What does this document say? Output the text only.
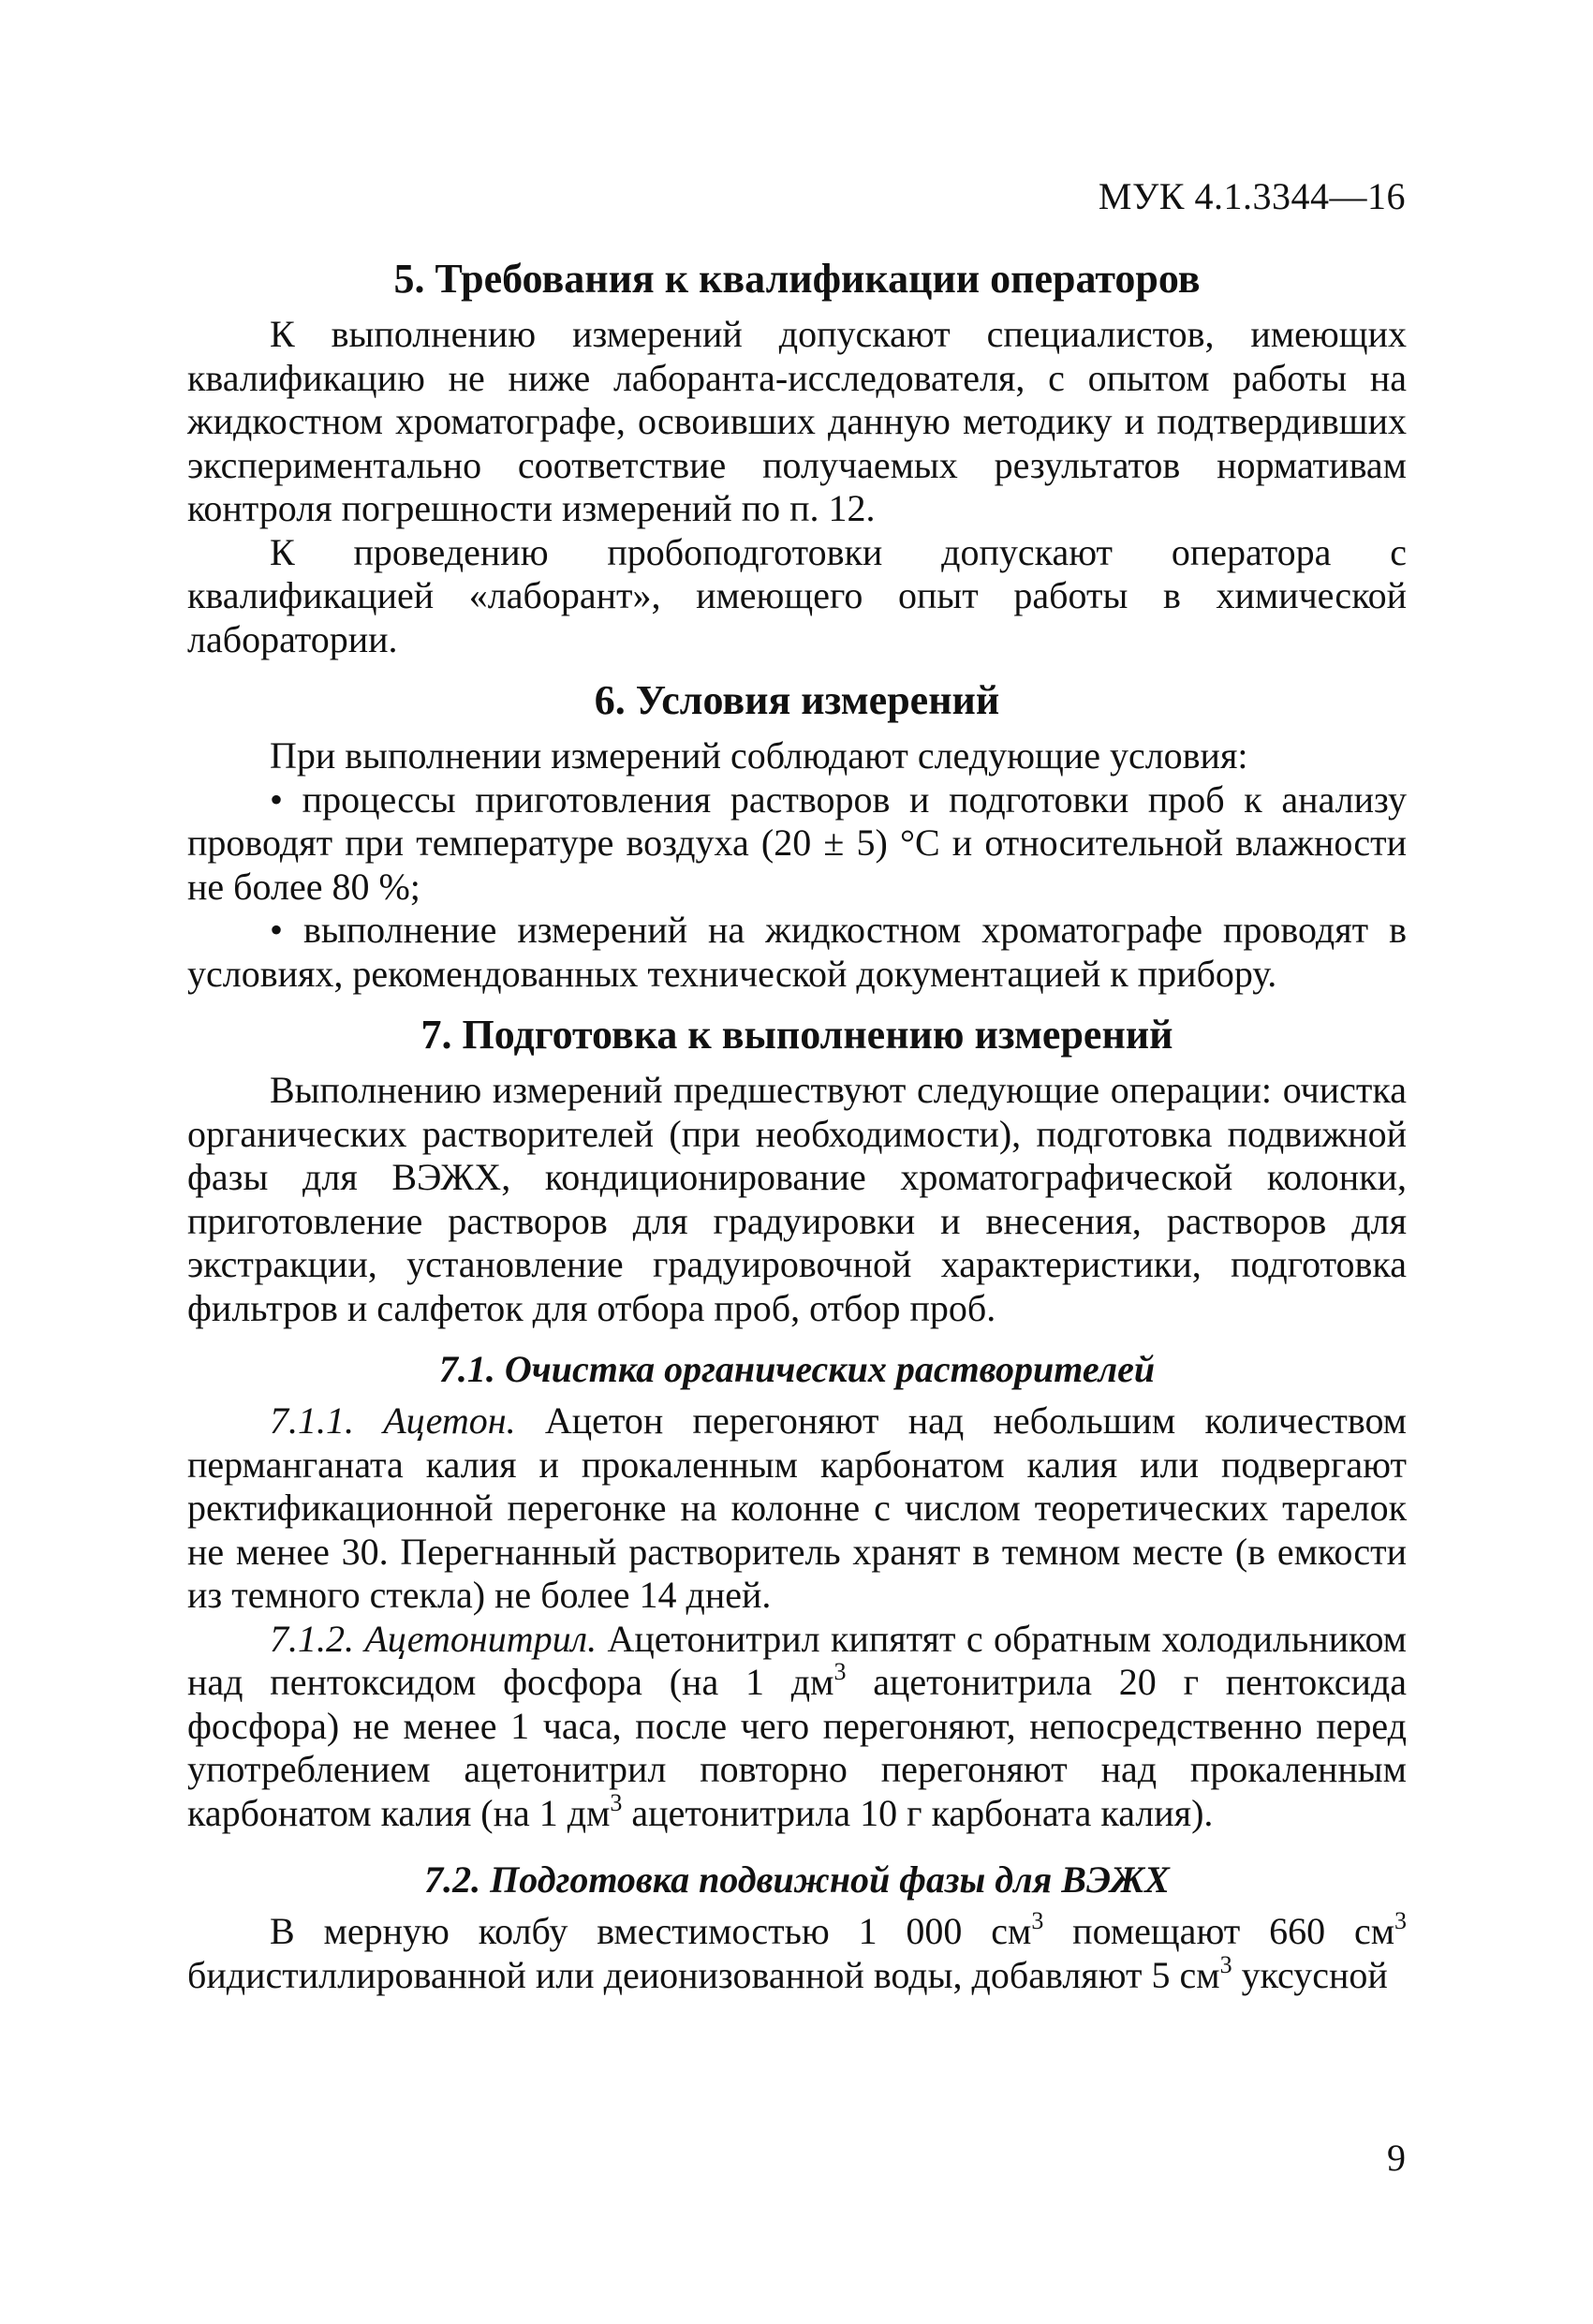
МУК 4.1.3344—16
5. Требования к квалификации операторов

К выполнению измерений допускают специалистов, имеющих квалификацию не ниже лаборанта-исследователя, с опытом работы на жидкостном хроматографе, освоивших данную методику и подтвердивших экспериментально соответствие получаемых результатов нормативам контроля погрешности измерений по п. 12.

К проведению пробоподготовки допускают оператора с квалификацией «лаборант», имеющего опыт работы в химической лаборатории.

6. Условия измерений

При выполнении измерений соблюдают следующие условия:

• процессы приготовления растворов и подготовки проб к анализу проводят при температуре воздуха (20 ± 5) °С и относительной влажности не более 80 %;

• выполнение измерений на жидкостном хроматографе проводят в условиях, рекомендованных технической документацией к прибору.

7. Подготовка к выполнению измерений

Выполнению измерений предшествуют следующие операции: очистка органических растворителей (при необходимости), подготовка подвижной фазы для ВЭЖХ, кондиционирование хроматографической колонки, приготовление растворов для градуировки и внесения, растворов для экстракции, установление градуировочной характеристики, подготовка фильтров и салфеток для отбора проб, отбор проб.

7.1. Очистка органических растворителей

7.1.1. Ацетон. Ацетон перегоняют над небольшим количеством перманганата калия и прокаленным карбонатом калия или подвергают ректификационной перегонке на колонне с числом теоретических тарелок не менее 30. Перегнанный растворитель хранят в темном месте (в емкости из темного стекла) не более 14 дней.

7.1.2. Ацетонитрил. Ацетонитрил кипятят с обратным холодильником над пентоксидом фосфора (на 1 $дм^3$ ацетонитрила 20 г пентоксида фосфора) не менее 1 часа, после чего перегоняют, непосредственно перед употреблением ацетонитрил повторно перегоняют над прокаленным карбонатом калия (на 1 $дм^3$ ацетонитрила 10 г карбоната калия).

7.2. Подготовка подвижной фазы для ВЭЖХ

В мерную колбу вместимостью 1 000 $см^3$ помещают 660 $см^3$ бидистиллированной или деионизованной воды, добавляют 5 $см^3$ уксусной

9
